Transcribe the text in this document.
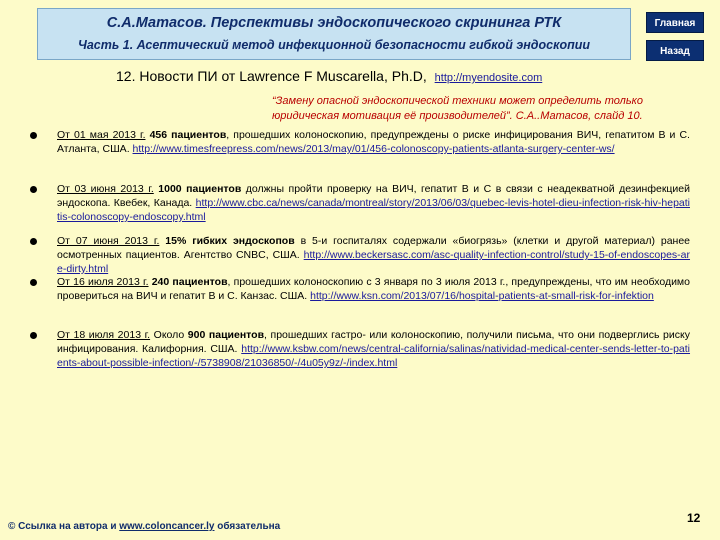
С.А.Матасов. Перспективы эндоскопического скрининга РТК
Часть 1. Асептический метод инфекционной безопасности гибкой эндоскопии
Главная
Назад
12. Новости ПИ от Lawrence F Muscarella, Ph.D, http://myendosite.com
“Замену опасной эндоскопической техники может определить только юридическая мотивация её производителей”. С.А..Матасов, слайд 10.
От 01 мая 2013 г. 456 пациентов, прошедших колоноскопию, предупреждены о риске инфицирования ВИЧ, гепатитом В и С. Атланта, США. http://www.timesfreepress.com/news/2013/may/01/456-colonoscopy-patients-atlanta-surgery-center-ws/
От 03 июня 2013 г. 1000 пациентов должны пройти проверку на ВИЧ, гепатит В и С в связи с неадекватной дезинфекцией эндоскопа. Квебек, Канада. http://www.cbc.ca/news/canada/montreal/story/2013/06/03/quebec-levis-hotel-dieu-infection-risk-hiv-hepatitis-colonoscopy-endoscopy.html
От 07 июня 2013 г. 15% гибких эндоскопов в 5-и госпиталях содержали «биогрязь» (клетки и другой материал) ранее осмотренных пациентов. Агентство CNBC, США. http://www.beckersasc.com/asc-quality-infection-control/study-15-of-endoscopes-are-dirty.html
От 16 июля 2013 г. 240 пациентов, прошедших колоноскопию с 3 января по 3 июля 2013 г., предупреждены, что им необходимо провериться на ВИЧ и гепатит В и С. Канзас. США. http://www.ksn.com/2013/07/16/hospital-patients-at-small-risk-for-infektion
От 18 июля 2013 г. Около 900 пациентов, прошедших гастро- или колоноскопию, получили письма, что они подверглись риску инфицирования. Калифорния. США. http://www.ksbw.com/news/central-california/salinas/natividad-medical-center-sends-letter-to-patients-about-possible-infection/-/5738908/21036850/-/4u05y9z/-/index.html
© Ссылка на автора и www.coloncancer.ly обязательна
12
